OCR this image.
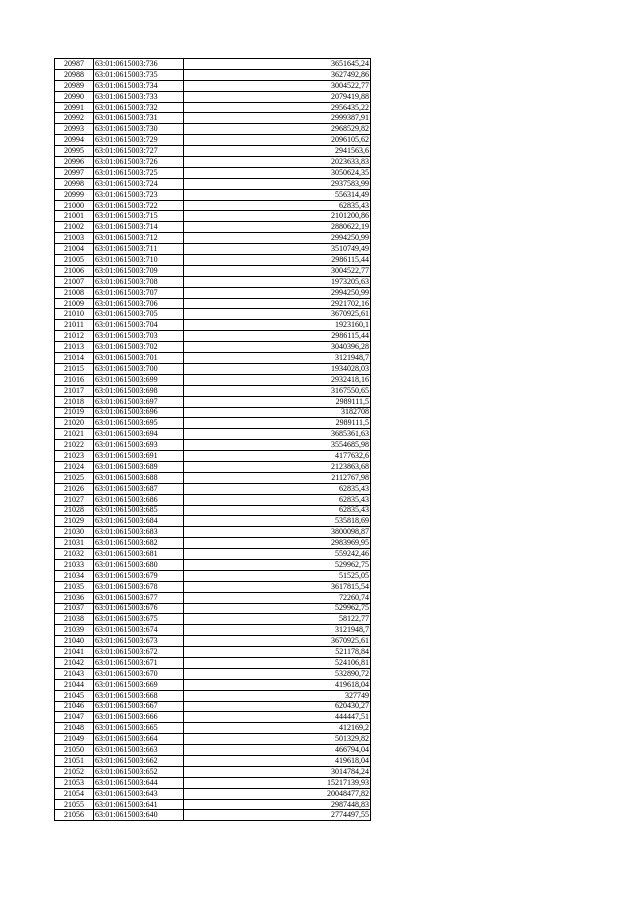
20987	63:01:0615003:736	3651645,24
20988	63:01:0615003:735	3627492,86
20989	63:01:0615003:734	3004522,77
20990	63:01:0615003:733	2079419,88
20991	63:01:0615003:732	2956435,22
20992	63:01:0615003:731	2999387,91
20993	63:01:0615003:730	2968529,82
20994	63:01:0615003:729	2096105,62
20995	63:01:0615003:727	2941563,6
20996	63:01:0615003:726	2023633,83
20997	63:01:0615003:725	3050624,35
20998	63:01:0615003:724	2937583,99
20999	63:01:0615003:723	556314,49
21000	63:01:0615003:722	62835,43
21001	63:01:0615003:715	2101200,86
21002	63:01:0615003:714	2880622,19
21003	63:01:0615003:712	2994250,99
21004	63:01:0615003:711	3510749,49
21005	63:01:0615003:710	2986115,44
21006	63:01:0615003:709	3004522,77
21007	63:01:0615003:708	1973205,63
21008	63:01:0615003:707	2994250,99
21009	63:01:0615003:706	2921702,16
21010	63:01:0615003:705	3670925,61
21011	63:01:0615003:704	1923160,1
21012	63:01:0615003:703	2986115,44
21013	63:01:0615003:702	3040396,28
21014	63:01:0615003:701	3121948,7
21015	63:01:0615003:700	1934028,03
21016	63:01:0615003:699	2932418,16
21017	63:01:0615003:698	3167550,65
21018	63:01:0615003:697	2989111,5
21019	63:01:0615003:696	3182708
21020	63:01:0615003:695	2989111,5
21021	63:01:0615003:694	3685361,63
21022	63:01:0615003:693	3554685,98
21023	63:01:0615003:691	4177632,6
21024	63:01:0615003:689	2123863,68
21025	63:01:0615003:688	2112767,98
21026	63:01:0615003:687	62835,43
21027	63:01:0615003:686	62835,43
21028	63:01:0615003:685	62835,43
21029	63:01:0615003:684	535818,69
21030	63:01:0615003:683	3800098,87
21031	63:01:0615003:682	2983969,95
21032	63:01:0615003:681	559242,46
21033	63:01:0615003:680	529962,75
21034	63:01:0615003:679	51525,05
21035	63:01:0615003:678	3617815,54
21036	63:01:0615003:677	72260,74
21037	63:01:0615003:676	529962,75
21038	63:01:0615003:675	58122,77
21039	63:01:0615003:674	3121948,7
21040	63:01:0615003:673	3670925,61
21041	63:01:0615003:672	521178,84
21042	63:01:0615003:671	524106,81
21043	63:01:0615003:670	532890,72
21044	63:01:0615003:669	419618,04
21045	63:01:0615003:668	327749
21046	63:01:0615003:667	620430,27
21047	63:01:0615003:666	444447,51
21048	63:01:0615003:665	412169,2
21049	63:01:0615003:664	501329,82
21050	63:01:0615003:663	466794,04
21051	63:01:0615003:662	419618,04
21052	63:01:0615003:652	3014784,24
21053	63:01:0615003:644	15217139,93
21054	63:01:0615003:643	20048477,82
21055	63:01:0615003:641	2987448,83
21056	63:01:0615003:640	2774497,55
